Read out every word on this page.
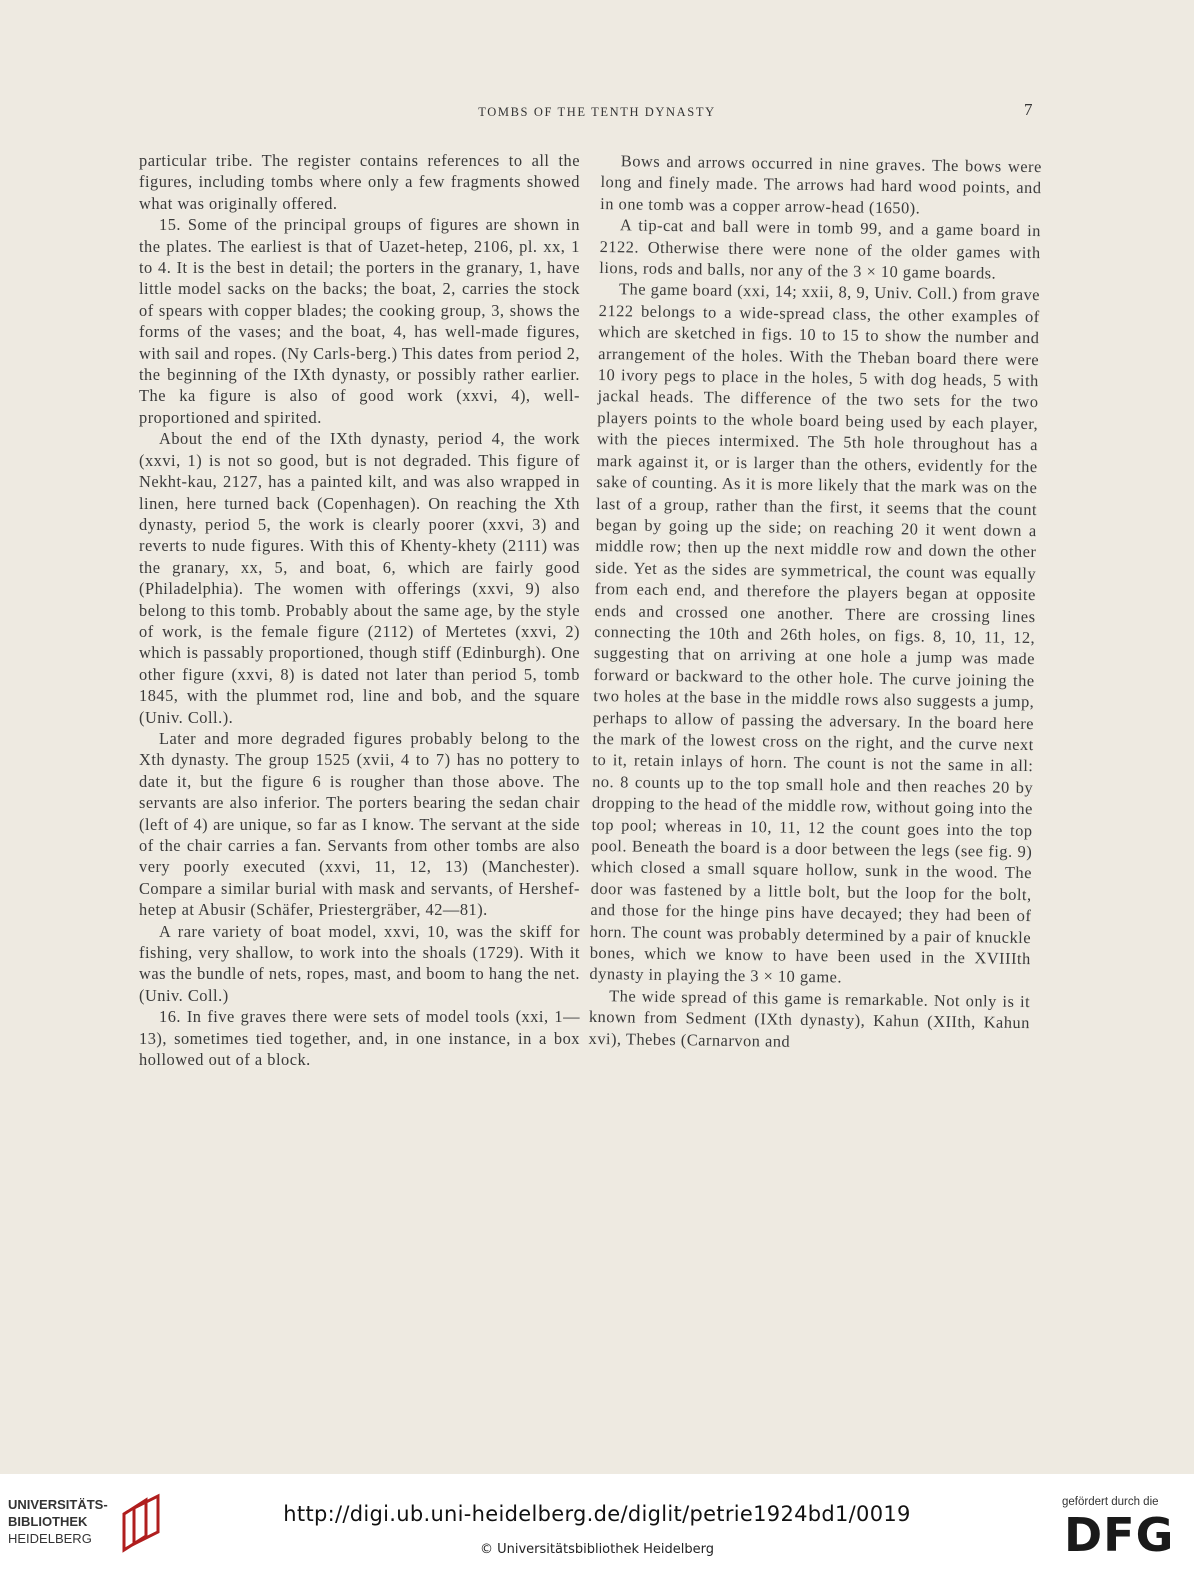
TOMBS OF THE TENTH DYNASTY	7

particular tribe. The register contains references to all the figures, including tombs where only a few fragments showed what was originally offered.

15. Some of the principal groups of figures are shown in the plates. The earliest is that of Uazet-hetep, 2106, pl. xx, 1 to 4. It is the best in detail; the porters in the granary, 1, have little model sacks on the backs; the boat, 2, carries the stock of spears with copper blades; the cooking group, 3, shows the forms of the vases; and the boat, 4, has well-made figures, with sail and ropes. (Ny Carls-berg.) This dates from period 2, the beginning of the IXth dynasty, or possibly rather earlier. The ka figure is also of good work (xxvi, 4), well-proportioned and spirited.

About the end of the IXth dynasty, period 4, the work (xxvi, 1) is not so good, but is not degraded. This figure of Nekht-kau, 2127, has a painted kilt, and was also wrapped in linen, here turned back (Copenhagen). On reaching the Xth dynasty, period 5, the work is clearly poorer (xxvi, 3) and reverts to nude figures. With this of Khenty-khety (2111) was the granary, xx, 5, and boat, 6, which are fairly good (Philadelphia). The women with offerings (xxvi, 9) also belong to this tomb. Probably about the same age, by the style of work, is the female figure (2112) of Mertetes (xxvi, 2) which is passably proportioned, though stiff (Edinburgh). One other figure (xxvi, 8) is dated not later than period 5, tomb 1845, with the plummet rod, line and bob, and the square (Univ. Coll.).

Later and more degraded figures probably belong to the Xth dynasty. The group 1525 (xvii, 4 to 7) has no pottery to date it, but the figure 6 is rougher than those above. The servants are also inferior. The porters bearing the sedan chair (left of 4) are unique, so far as I know. The servant at the side of the chair carries a fan. Servants from other tombs are also very poorly executed (xxvi, 11, 12, 13) (Manchester). Compare a similar burial with mask and servants, of Hershef-hetep at Abusir (Schäfer, Priestergräber, 42—81).

A rare variety of boat model, xxvi, 10, was the skiff for fishing, very shallow, to work into the shoals (1729). With it was the bundle of nets, ropes, mast, and boom to hang the net. (Univ. Coll.)

16. In five graves there were sets of model tools (xxi, 1—13), sometimes tied together, and, in one instance, in a box hollowed out of a block.

Bows and arrows occurred in nine graves. The bows were long and finely made. The arrows had hard wood points, and in one tomb was a copper arrow-head (1650).

A tip-cat and ball were in tomb 99, and a game board in 2122. Otherwise there were none of the older games with lions, rods and balls, nor any of the 3 × 10 game boards.

The game board (xxi, 14; xxii, 8, 9, Univ. Coll.) from grave 2122 belongs to a wide-spread class, the other examples of which are sketched in figs. 10 to 15 to show the number and arrangement of the holes. With the Theban board there were 10 ivory pegs to place in the holes, 5 with dog heads, 5 with jackal heads. The difference of the two sets for the two players points to the whole board being used by each player, with the pieces intermixed. The 5th hole throughout has a mark against it, or is larger than the others, evidently for the sake of counting. As it is more likely that the mark was on the last of a group, rather than the first, it seems that the count began by going up the side; on reaching 20 it went down a middle row; then up the next middle row and down the other side. Yet as the sides are symmetrical, the count was equally from each end, and therefore the players began at opposite ends and crossed one another. There are crossing lines connecting the 10th and 26th holes, on figs. 8, 10, 11, 12, suggesting that on arriving at one hole a jump was made forward or backward to the other hole. The curve joining the two holes at the base in the middle rows also suggests a jump, perhaps to allow of passing the adversary. In the board here the mark of the lowest cross on the right, and the curve next to it, retain inlays of horn. The count is not the same in all: no. 8 counts up to the top small hole and then reaches 20 by dropping to the head of the middle row, without going into the top pool; whereas in 10, 11, 12 the count goes into the top pool. Beneath the board is a door between the legs (see fig. 9) which closed a small square hollow, sunk in the wood. The door was fastened by a little bolt, but the loop for the bolt, and those for the hinge pins have decayed; they had been of horn. The count was probably determined by a pair of knuckle bones, which we know to have been used in the XVIIIth dynasty in playing the 3 × 10 game.

The wide spread of this game is remarkable. Not only is it known from Sedment (IXth dynasty), Kahun (XIIth, Kahun xvi), Thebes (Carnarvon and

UNIVERSITÄTS-
BIBLIOTHEK
HEIDELBERG
http://digi.ub.uni-heidelberg.de/diglit/petrie1924bd1/0019
© Universitätsbibliothek Heidelberg
gefördert durch die
DFG
